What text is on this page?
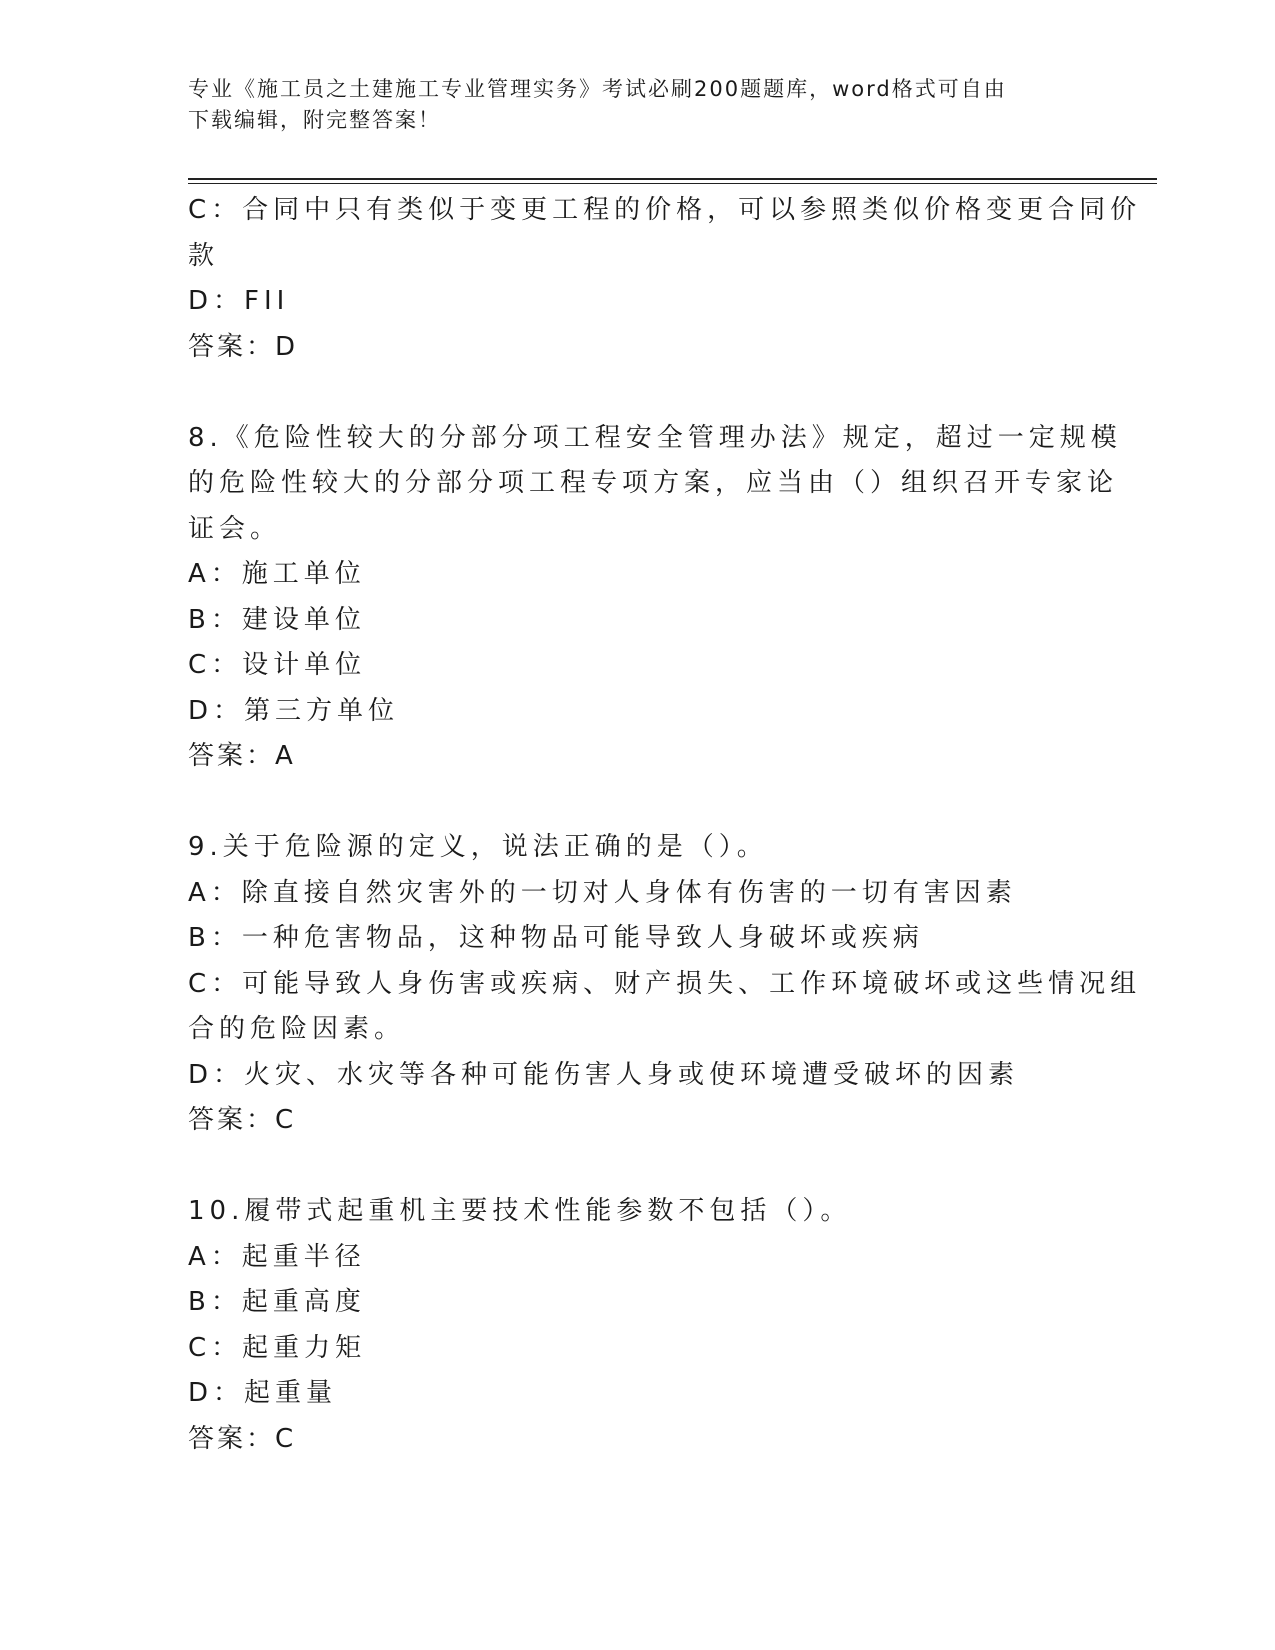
专业《施工员之土建施工专业管理实务》考试必刷200题题库，word格式可自由
下载编辑，附完整答案！
C：合同中只有类似于变更工程的价格，可以参照类似价格变更合同价
款
D：FII
答案：D
8.《危险性较大的分部分项工程安全管理办法》规定，超过一定规模
的危险性较大的分部分项工程专项方案，应当由（）组织召开专家论
证会。
A：施工单位
B：建设单位
C：设计单位
D：第三方单位
答案：A
9.关于危险源的定义，说法正确的是（）。
A：除直接自然灾害外的一切对人身体有伤害的一切有害因素
B：一种危害物品，这种物品可能导致人身破坏或疾病
C：可能导致人身伤害或疾病、财产损失、工作环境破坏或这些情况组
合的危险因素。
D：火灾、水灾等各种可能伤害人身或使环境遭受破坏的因素
答案：C
10.履带式起重机主要技术性能参数不包括（）。
A：起重半径
B：起重高度
C：起重力矩
D：起重量
答案：C
